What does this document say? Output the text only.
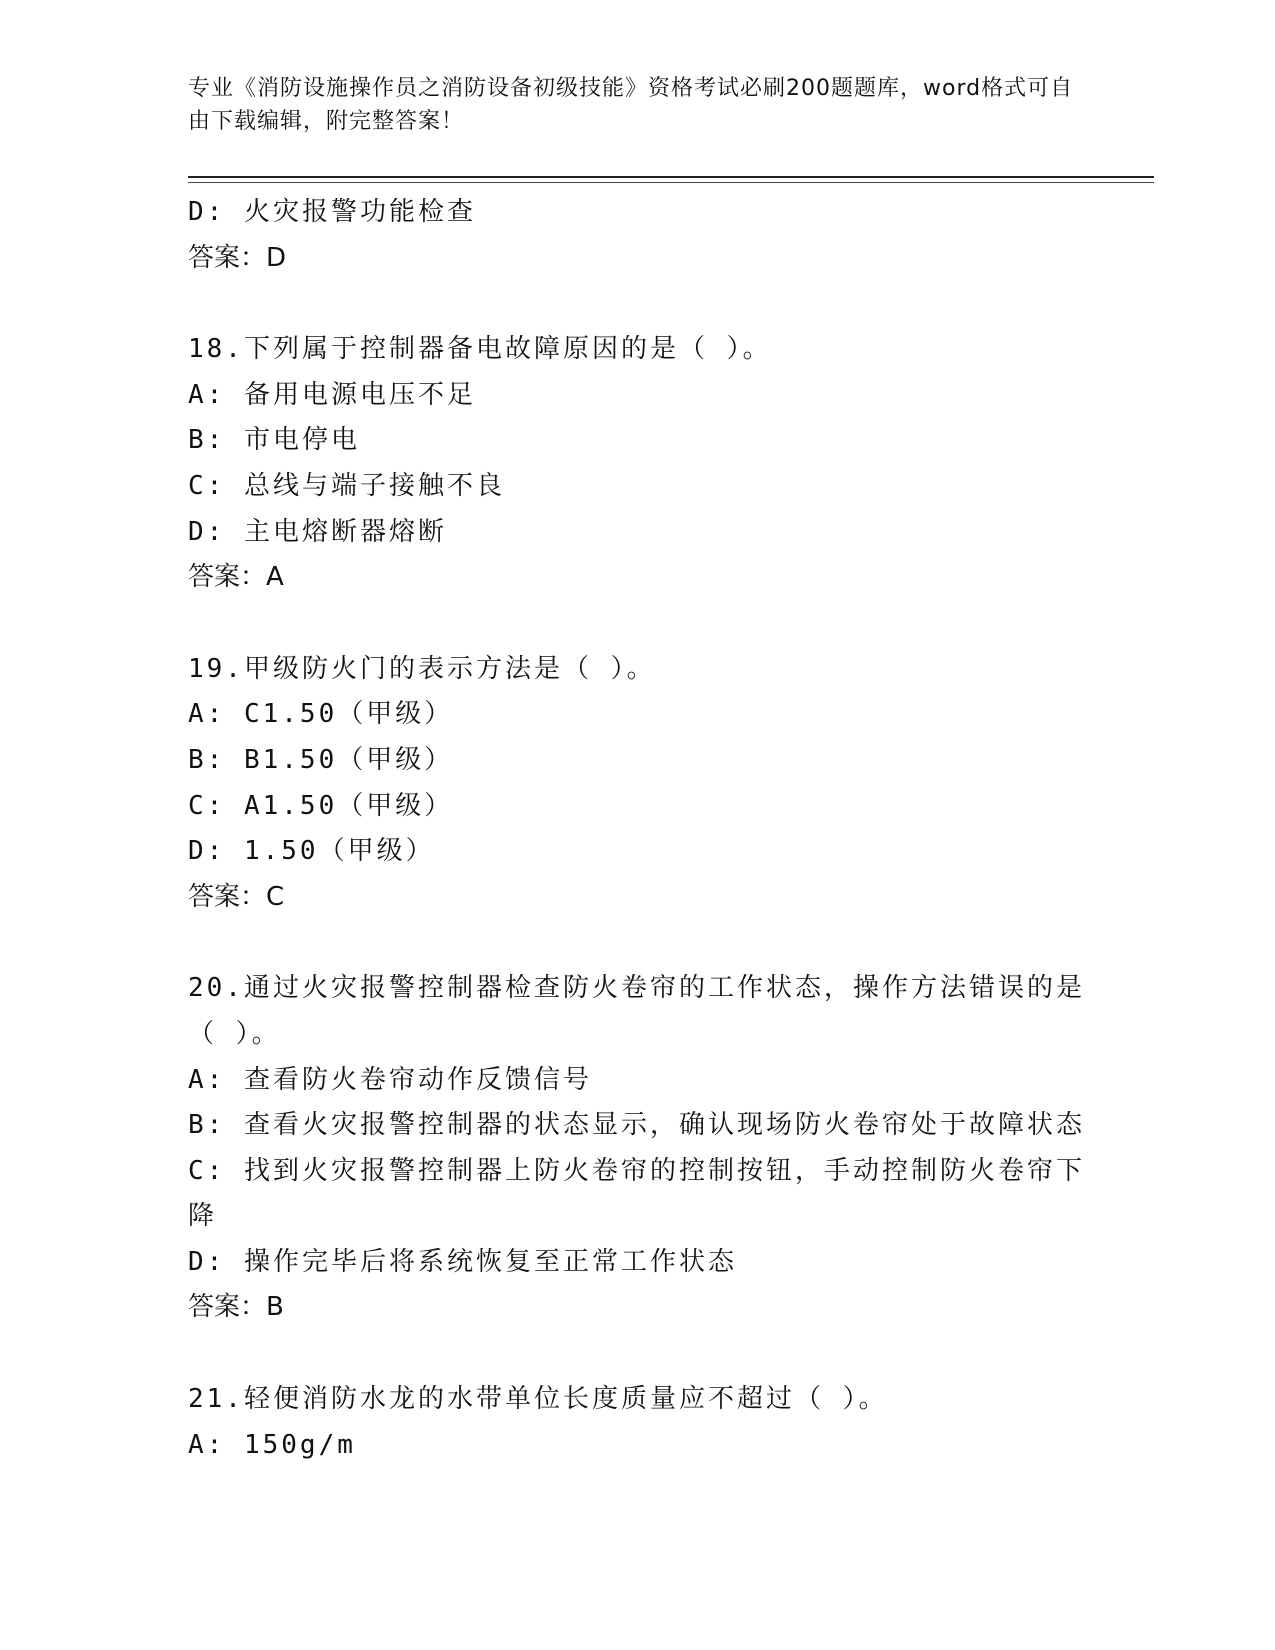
专业《消防设施操作员之消防设备初级技能》资格考试必刷200题题库，word格式可自由下载编辑，附完整答案！
D: 火灾报警功能检查
答案：D
18.下列属于控制器备电故障原因的是（ ）。
A: 备用电源电压不足
B: 市电停电
C: 总线与端子接触不良
D: 主电熔断器熔断
答案：A
19.甲级防火门的表示方法是（ ）。
A: C1.50（甲级）
B: B1.50（甲级）
C: A1.50（甲级）
D: 1.50（甲级）
答案：C
20.通过火灾报警控制器检查防火卷帘的工作状态，操作方法错误的是（ ）。
A: 查看防火卷帘动作反馈信号
B: 查看火灾报警控制器的状态显示，确认现场防火卷帘处于故障状态
C: 找到火灾报警控制器上防火卷帘的控制按钮，手动控制防火卷帘下降
D: 操作完毕后将系统恢复至正常工作状态
答案：B
21.轻便消防水龙的水带单位长度质量应不超过（ ）。
A: 150g/m
